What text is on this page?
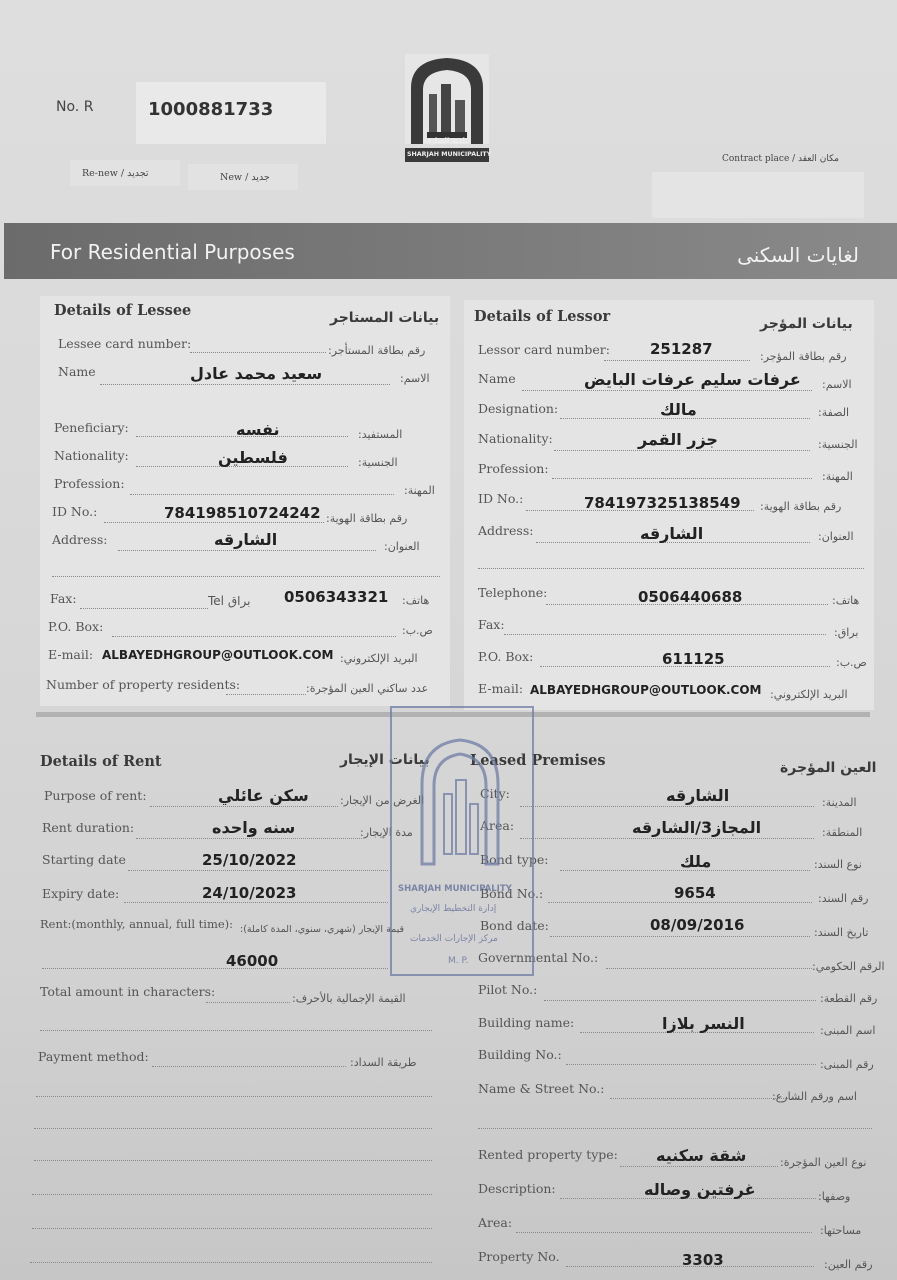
No. R	1000881733
Re-new / تجديد	New / جديد
بلدية الشارقة
SHARJAH MUNICIPALITY	Contract place / مكان العقد
For Residential Purposes	لغايات السكنى
Details of Lessee	بيانات المستاجر
Lessee card number:	رقم بطاقة المستأجر:
Name	سعيد محمد عادل	الاسم:
Peneficiary:	نفسه	المستفيد:
Nationality:	فلسطين	الجنسية:
Profession:	المهنة:
ID No.:	784198510724242 رقم بطاقة الهوية:
Address:	الشارقه	العنوان:
Fax:	براق Tel 0506343321 هاتف:
P.O. Box:	ص.ب:
E-mail: ALBAYEDHGROUP@OUTLOOK.COM البريد الإلكتروني:
Number of property residents:	عدد ساكني العين المؤجرة:
Details of Lessor	بيانات المؤجر
Lessor card number:	251287	رقم بطاقة المؤجر:
Name	عرفات سليم عرفات البايض الاسم:
Designation:	مالك	الصفة:
Nationality:	جزر القمر	الجنسية:
Profession:
المهنة:
ID No.:	784197325138549 رقم بطاقة الهوية:
Address:	الشارقه	العنوان:
Telephone:	0506440688	هاتف:
Fax:
براق:
P.O. Box:	611125	ص.ب:
E-mail: ALBAYEDHGROUP@OUTLOOK.COM البريد الإلكتروني:
Details of Rent	بيانات الإيجار
Purpose of rent:	سكن عائلي	الغرض من الإيجار:
Rent duration:	سنه واحده	مدة الإيجار:
Starting date	25/10/2022
Expiry date:	24/10/2023
Rent:(monthly, annual, full time): قيمة الإيجار (شهري، سنوي، المدة كاملة):
46000
Total amount in characters:	القيمة الإجمالية بالأحرف:
Payment method:	طريقة السداد:
Leased Premises	العين المؤجرة
City:	الشارقه	المدينة:
Area:	المجاز3/الشارقه	المنطقة:
Bond type:	ملك	نوع السند:
Bond No.:	9654	رقم السند:
Bond date:	08/09/2016	تاريخ السند:
Governmental No.:
الرقم الحكومي:
Pilot No.:
رقم القطعة:
Building name:	النسر بلازا	اسم المبنى:
Building No.:
رقم المبنى:
Name & Street No.:
اسم ورقم الشارع:
Rented property type: شقة سكنيه	نوع العين المؤجرة:
Description:	غرفتين وصاله	وصفها:
Area:
مساحتها:
Property No.	3303	رقم العين:
SHARJAH MUNICIPALITY
إدارة التخطيط الإيجاري
مركز الإجارات الخدمات
M. P.
